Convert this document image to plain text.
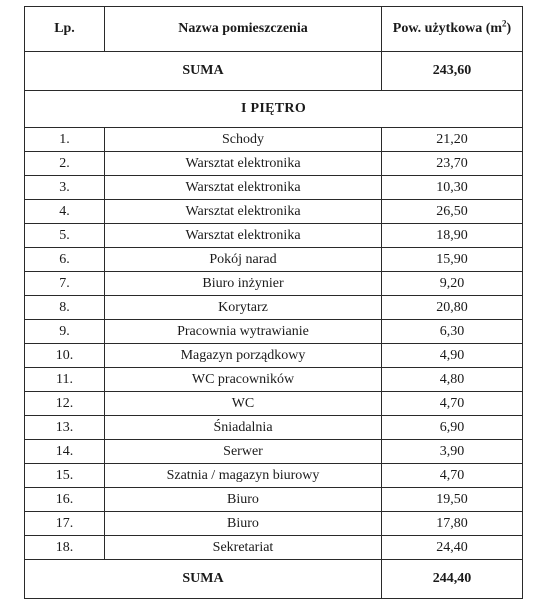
Lp.	Nazwa pomieszczenia	Pow. użytkowa $(m^2)$
SUMA		243,60
I PIĘTRO		
1.	Schody	21,20
2.	Warsztat elektronika	23,70
3.	Warsztat elektronika	10,30
4.	Warsztat elektronika	26,50
5.	Warsztat elektronika	18,90
6.	Pokój narad	15,90
7.	Biuro inżynier	9,20
8.	Korytarz	20,80
9.	Pracownia wytrawianie	6,30
10.	Magazyn porządkowy	4,90
11.	WC pracowników	4,80
12.	WC	4,70
13.	Śniadalnia	6,90
14.	Serwer	3,90
15.	Szatnia / magazyn biurowy	4,70
16.	Biuro	19,50
17.	Biuro	17,80
18.	Sekretariat	24,40
SUMA		244,40
